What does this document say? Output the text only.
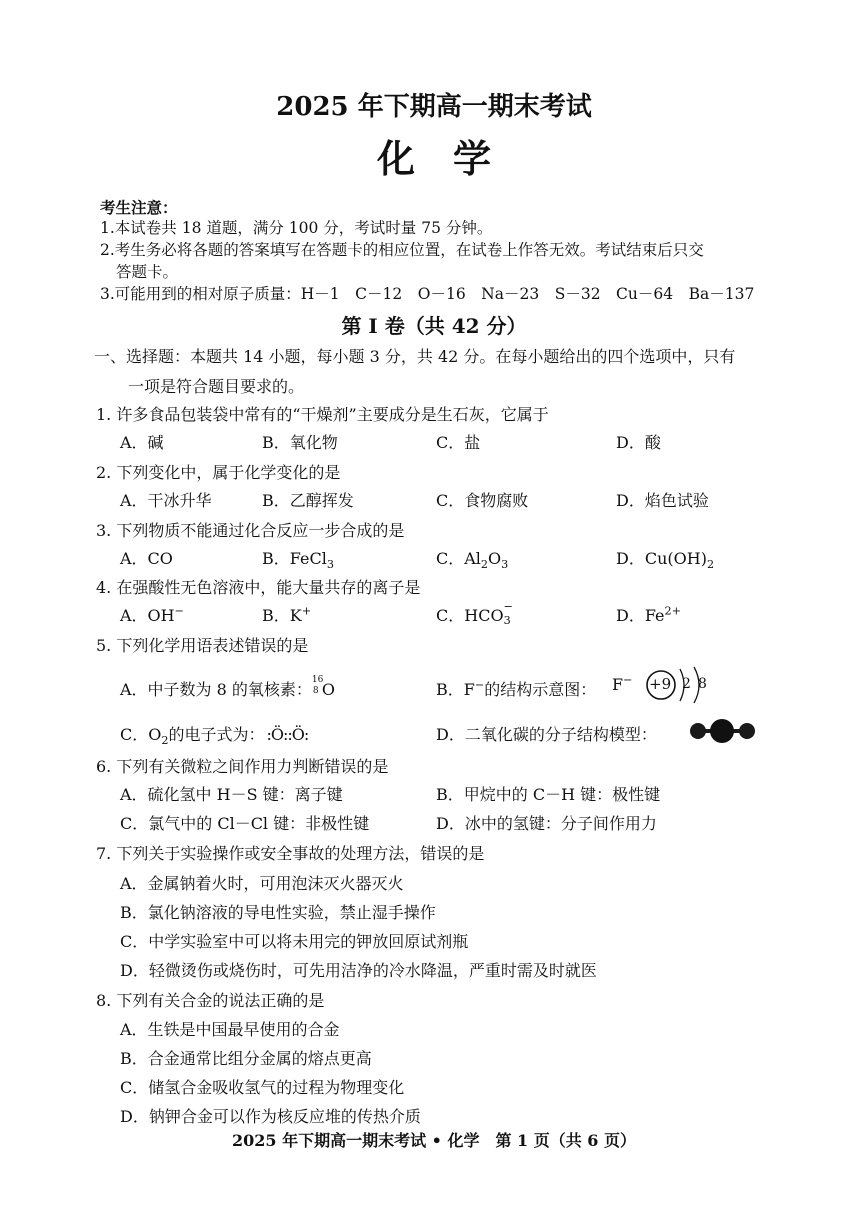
2025 年下期高一期末考试
化　学
考生注意：
1.本试卷共 18 道题，满分 100 分，考试时量 75 分钟。
2.考生务必将各题的答案填写在答题卡的相应位置，在试卷上作答无效。考试结束后只交
答题卡。
3.可能用到的相对原子质量：H－1　C－12　O－16　Na－23　S－32　Cu－64　Ba－137
第 I 卷（共 42 分）
一、选择题：本题共 14 小题，每小题 3 分，共 42 分。在每小题给出的四个选项中，只有
一项是符合题目要求的。
1. 许多食品包装袋中常有的“干燥剂”主要成分是生石灰，它属于
A．碱	B．氧化物	C．盐	D．酸
2. 下列变化中，属于化学变化的是
A．干冰升华	B．乙醇挥发	C．食物腐败	D．焰色试验
3. 下列物质不能通过化合反应一步合成的是
A．CO	B．FeCl$_3$	C．$Al_2O_3$	D．$Cu(OH)_2$
4. 在强酸性无色溶液中，能大量共存的离子是
A．OH−	B．K+	C．HCO −
3	D．$Fe^{2+}$
5. 下列化学用语表述错误的是
A．中子数为 8 的氧核素： 16
8 O	B．F−的结构示意图： F− +9 2 8
C．$O_2$的电子式为： :Ö::Ö:	D．二氧化碳的分子结构模型：
6. 下列有关微粒之间作用力判断错误的是
A．硫化氢中 H－S 键：离子键	B．甲烷中的 C－H 键：极性键
C．氯气中的 Cl－Cl 键：非极性键	D．冰中的氢键：分子间作用力
7. 下列关于实验操作或安全事故的处理方法，错误的是
A．金属钠着火时，可用泡沫灭火器灭火
B．氯化钠溶液的导电性实验，禁止湿手操作
C．中学实验室中可以将未用完的钾放回原试剂瓶
D．轻微烫伤或烧伤时，可先用洁净的冷水降温，严重时需及时就医
8. 下列有关合金的说法正确的是
A．生铁是中国最早使用的合金
B．合金通常比组分金属的熔点更高
C．储氢合金吸收氢气的过程为物理变化
D．钠钾合金可以作为核反应堆的传热介质
2025 年下期高一期末考试 • 化学　第 1 页（共 6 页）
